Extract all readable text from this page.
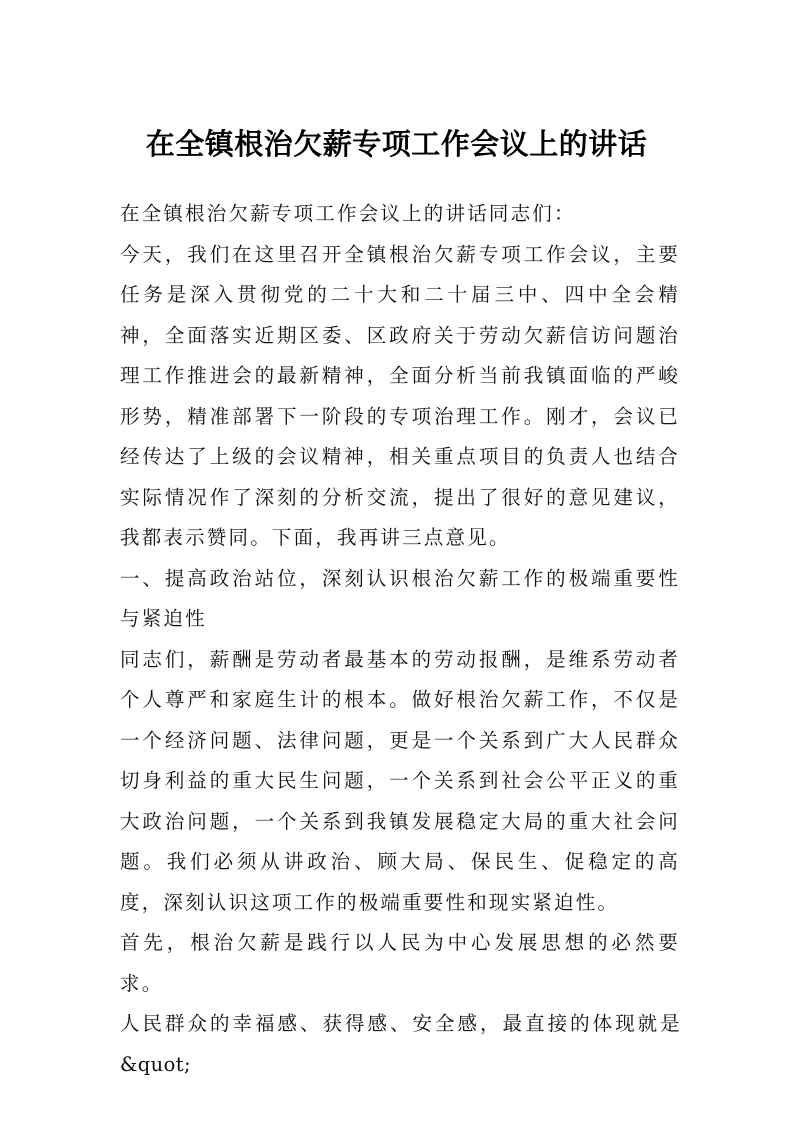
在全镇根治欠薪专项工作会议上的讲话

在全镇根治欠薪专项工作会议上的讲话同志们：

今天，我们在这里召开全镇根治欠薪专项工作会议，主要任务是深入贯彻党的二十大和二十届三中、四中全会精神，全面落实近期区委、区政府关于劳动欠薪信访问题治理工作推进会的最新精神，全面分析当前我镇面临的严峻形势，精准部署下一阶段的专项治理工作。刚才，会议已经传达了上级的会议精神，相关重点项目的负责人也结合实际情况作了深刻的分析交流，提出了很好的意见建议，我都表示赞同。下面，我再讲三点意见。

一、提高政治站位，深刻认识根治欠薪工作的极端重要性与紧迫性

同志们，薪酬是劳动者最基本的劳动报酬，是维系劳动者个人尊严和家庭生计的根本。做好根治欠薪工作，不仅是一个经济问题、法律问题，更是一个关系到广大人民群众切身利益的重大民生问题，一个关系到社会公平正义的重大政治问题，一个关系到我镇发展稳定大局的重大社会问题。我们必须从讲政治、顾大局、保民生、促稳定的高度，深刻认识这项工作的极端重要性和现实紧迫性。

首先，根治欠薪是践行以人民为中心发展思想的必然要求。

人民群众的幸福感、获得感、安全感，最直接的体现就是&quot;
